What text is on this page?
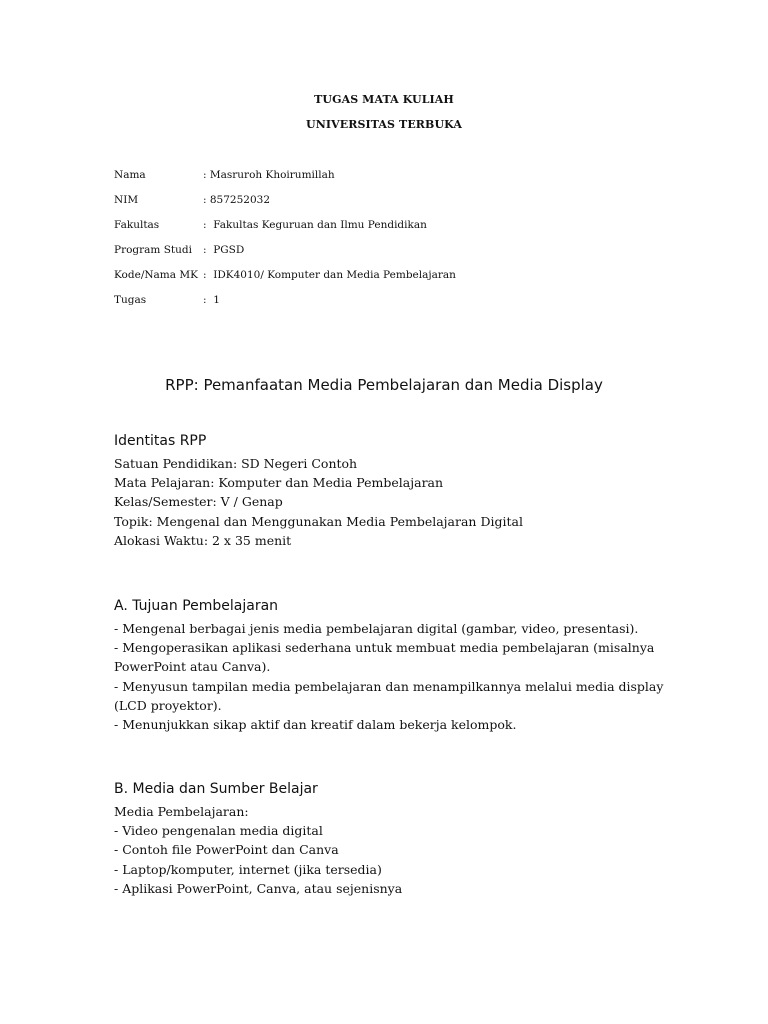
TUGAS MATA KULIAH
UNIVERSITAS TERBUKA
Nama	: Masruroh Khoirumillah
NIM	: 857252032
Fakultas	:  Fakultas Keguruan dan Ilmu Pendidikan
Program Studi	:  PGSD
Kode/Nama MK :  IDK4010/ Komputer dan Media Pembelajaran
Tugas	:  1
RPP: Pemanfaatan Media Pembelajaran dan Media Display
Identitas RPP
Satuan Pendidikan: SD Negeri Contoh
Mata Pelajaran: Komputer dan Media Pembelajaran
Kelas/Semester: V / Genap
Topik: Mengenal dan Menggunakan Media Pembelajaran Digital
Alokasi Waktu: 2 x 35 menit
A. Tujuan Pembelajaran
- Mengenal berbagai jenis media pembelajaran digital (gambar, video, presentasi).
- Mengoperasikan aplikasi sederhana untuk membuat media pembelajaran (misalnya
PowerPoint atau Canva).
- Menyusun tampilan media pembelajaran dan menampilkannya melalui media display
(LCD proyektor).
- Menunjukkan sikap aktif dan kreatif dalam bekerja kelompok.
B. Media dan Sumber Belajar
Media Pembelajaran:
- Video pengenalan media digital
- Contoh file PowerPoint dan Canva
- Laptop/komputer, internet (jika tersedia)
- Aplikasi PowerPoint, Canva, atau sejenisnya
